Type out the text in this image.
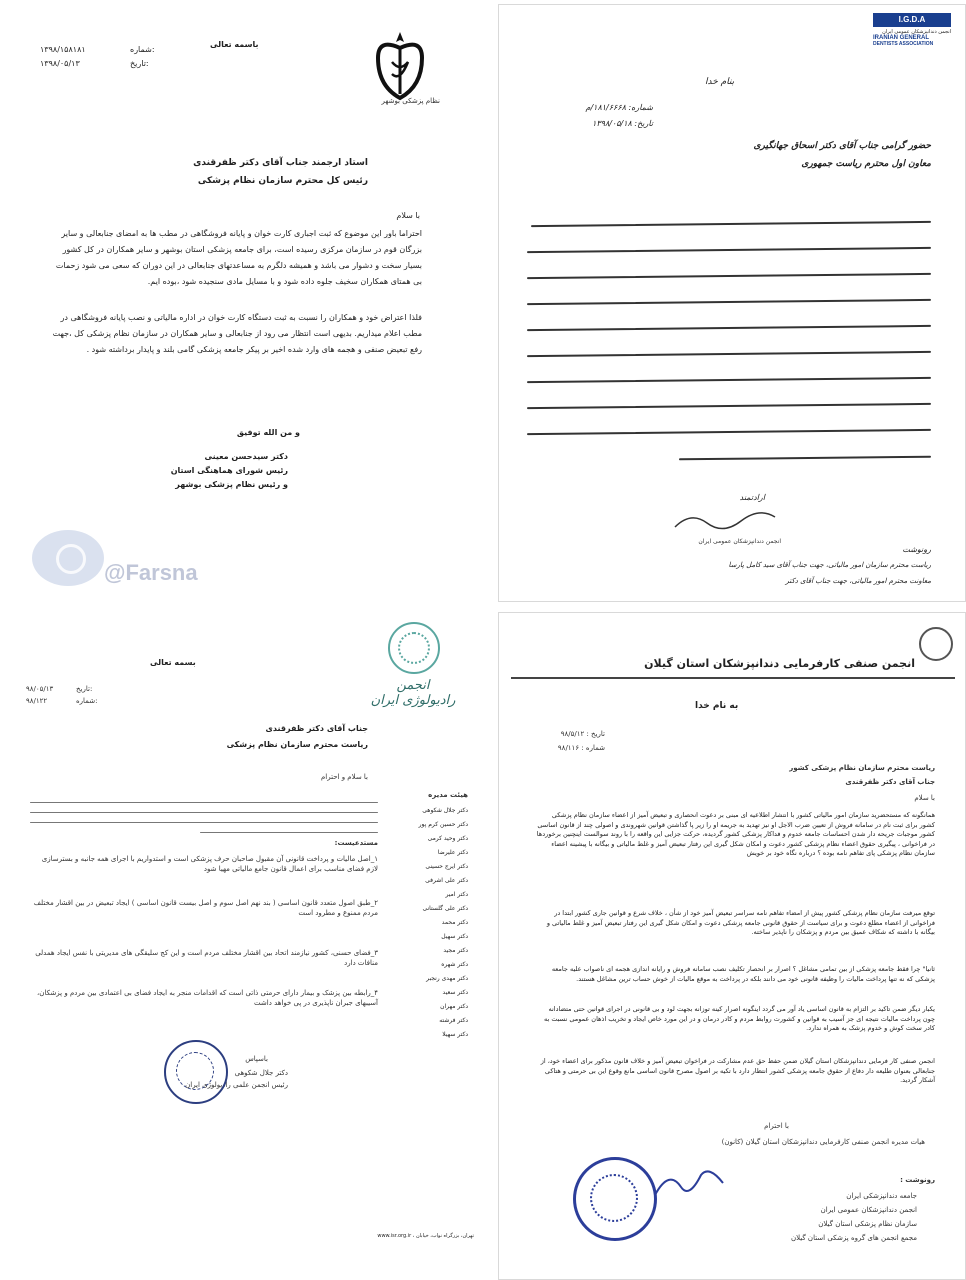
نظام پزشکی بوشهر
باسمه تعالی
۱۳۹۸/۱۵۸۱۸۱	شماره:
۱۳۹۸/۰۵/۱۳	تاریخ:
استاد ارجمند جناب آقای دکتر ظفرقندی
رئیس کل محترم سازمان نظام پزشکی
با سلام

احتراما باور این موضوع که ثبت اجباری کارت خوان و پایانه فروشگاهی در مطب ها به امضای جنابعالی و سایر بزرگان قوم در سازمان مرکزی رسیده است، برای جامعه پزشکی استان بوشهر و سایر همکاران در کل کشور بسیار سخت و دشوار می باشد و همیشه دلگرم به مساعدتهای جنابعالی در این دوران که سعی می شود زحمات بی همتای همکاران سخیف جلوه داده شود و با مسایل مادی سنجیده شود ،بوده ایم.

فلذا اعتراض خود و همکاران را نسبت به ثبت دستگاه کارت خوان در اداره مالیاتی و نصب پایانه فروشگاهی در مطب اعلام میداریم. بدیهی است انتظار می رود از جنابعالی و سایر همکاران در سازمان نظام پزشکی کل ،جهت رفع تبعیض صنفی و هجمه های وارد شده اخیر بر پیکر جامعه پزشکی گامی بلند و پایدار برداشته شود .

و من الله توفیق
دکتر سیدحسن معینی
رئیس شورای هماهنگی استان
و رئیس نظام پزشکی بوشهر
@Farsna
I.G.D.A
انجمن دندانپزشکان عمومی ایران
IRANIAN GENERAL
DENTISTS ASSOCIATION
بنام خدا
شماره: ۱۸۱/۶۶۶۸/م
تاریخ: ۱۳۹۸/۰۵/۱۸
حضور گرامی جناب آقای دکتر اسحاق جهانگیری
معاون اول محترم ریاست جمهوری
ارادتمند
انجمن دندانپزشکان عمومی ایران
رونوشت
ریاست محترم سازمان امور مالیاتی، جهت جناب آقای سید کامل پارسا
معاونت محترم امور مالیاتی، جهت جناب آقای دکتر
انجمن رادیولوژی ایران
بسمه تعالی
۹۸/۰۵/۱۳	تاریخ:
۹۸/۱۲۲	شماره:
جناب آقای دکتر ظفرقندی
ریاست محترم سازمان نظام پزشکی
با سلام و احترام
مستدعیست:
۱_اصل مالیات و پرداخت قانونی آن مقبول صاحبان حرف پزشکی است و استدواریم با اجرای همه جانبه و بسترسازی لازم فضای مناسب برای اعمال قانون جامع مالیاتی مهیا شود
۲_طبق اصول متعدد قانون اساسی ( بند نهم اصل سوم و اصل بیست قانون اساسی ) ایجاد تبعیض در بین اقشار مختلف مردم ممنوع و مطرود است
۳_فضای حسنی، کشور نیازمند اتحاد بین اقشار مختلف مردم است و این کج سلیقگی های مدیریتی با نفس ایجاد همدلی منافات دارد
۴_رابطه بین پزشک و بیمار دارای حرمتی ذاتی است که اقدامات منجر به ایجاد فضای بی اعتمادی بین مردم و پزشکان، آسیبهای جبران ناپذیری در پی خواهد داشت
باسپاس
دکتر جلال شکوهی
رئیس انجمن علمی رادیولوژی ایران
هیئت مدیره
دکتر جلال شکوهی
دکتر حسین کرم پور
دکتر وحید کرمی
دکتر علیرضا
دکتر ایرج حسینی
دکتر علی اشرفی
دکتر امیر
دکتر علی گلستانی
دکتر محمد
دکتر سهیل
دکتر مجید
دکتر شهره
دکتر مهدی رنجبر
دکتر سعید
دکتر مهران
دکتر فرشته
دکتر سهیلا
تهران، بزرگراه نواب، خیابان ، www.isr.org.ir
انجمن صنفی کارفرمایی دندانپزشکان استان گیلان
به نام خدا
تاریخ : ۹۸/۵/۱۲
شماره : ۹۸/۱۱۶
ریاست محترم سازمان نظام پزشکی کشور
جناب آقای دکتر ظفرقندی
با سلام

همانگونه که مستحضرید سازمان امور مالیاتی کشور با انتشار اطلاعیه ای مبنی بر دعوت انحصاری و تبعیض آمیز از اعضاء سازمان نظام پزشکی کشور برای ثبت نام در سامانه فروش از تعیین ضرب الاجل او نیز تهدید به جریمه او را زیر پا گذاشتن قوانین شهروندی و اصولی چند از قانون اساسی کشور موجبات جریحه دار شدن احساسات جامعه خدوم و فداکار پزشکی کشور گردیده، حرکت جزایی این واقعه را با روند سوالست اینچنین برخوردها در فراخوانی ، پیگیری حقوق اعضاء نظام پزشکی کشور دعوت و امکان شکل گیری این رفتار تبعیض آمیز و غلط مالیاتی و بیگانه با پیشینه اعضاء سازمان نظام پزشکی پای تفاهم نامه بوده ؟ درباره نگاه خود بر خویش

توقع میرفت سازمان نظام پزشکی کشور پیش از امضاء تفاهم نامه سراسر تبعیض آمیز خود از شأن ، خلاف شرع و قوانین جاری کشور ابتدا در فراخوانی از اعضاء مطلع دعوت و برای سیاست از حقوق قانونی جامعه پزشکی دعوت و امکان شکل گیری این رفتار تبعیض آمیز و غلط مالیاتی و بیگانه با داشته که شکاف عمیق بین مردم و پزشکان را ناپذیر ساخته.

ثانیا" چرا فقط جامعه پزشکی از بین تمامی مشاغل ؟ اصرار بر انحصار تکلیف نصب سامانه فروش و رایانه اندازی هجمه ای ناصواب علیه جامعه پزشکی که نه تنها پرداخت مالیات را وظیفه قانونی خود می دانند بلکه در پرداخت به موقع مالیات از خوش حساب ترین مشاغل هستند.

یکبار دیگر ضمن تاکید بر التزام به قانون اساسی یاد آور می گردد اینگونه اصرار کینه توزانه بجهت لود و بی قانونی در اجرای قوانین حتی متضادانه چون پرداخت مالیات نتیجه ای جز آسیب به قوانین و کشورت روابط مردم و کادر درمان و در این مورد خاص ایجاد و تخریب اذهان عمومی نسبت به کادر سخت کوش و خدوم پزشک به همراه ندارد.

انجمن صنفی کار فرمایی دندانپزشکان استان گیلان ضمن حفظ حق عدم مشارکت در فراخوان تبعیض آمیز و خلاف قانون مذکور برای اعضاء خود، از جنابعالی بعنوان طلیعه دار دفاع از حقوق جامعه پزشکی کشور انتظار دارد با تکیه بر اصول مصرح قانون اساسی مانع وقوع این بی حرمتی و هتاکی آشکار گردید.

با احترام
هیات مدیره انجمن صنفی کارفرمایی دندانپزشکان استان گیلان (کانون)
رونوشت :
جامعه دندانپزشکی ایران
انجمن دندانپزشکان عمومی ایران
سازمان نظام پزشکی استان گیلان
مجمع انجمن های گروه پزشکی استان گیلان
